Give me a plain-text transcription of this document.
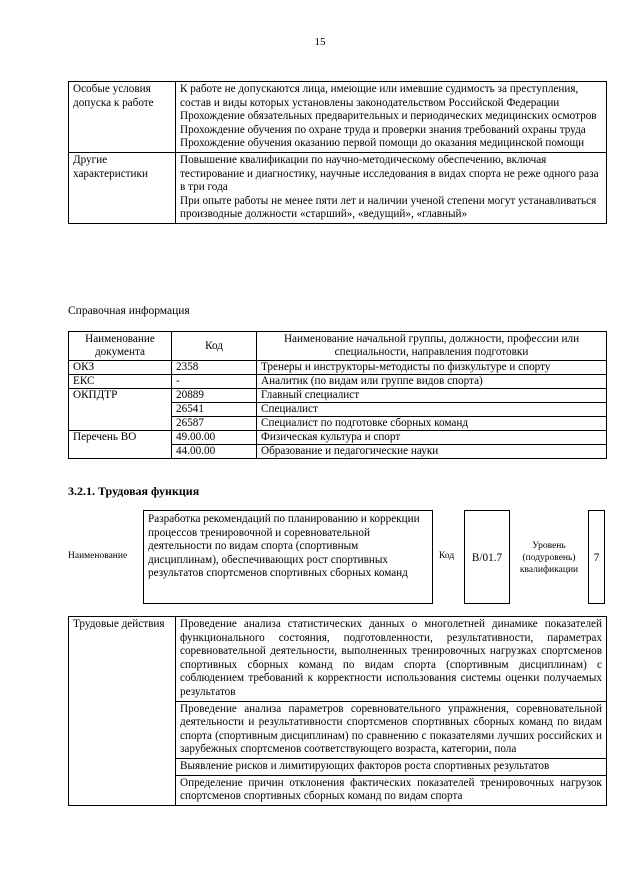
15
Особые условия допуска к работе	К работе не допускаются лица, имеющие или имевшие судимость за преступления, состав и виды которых установлены законодательством Российской Федерации
Прохождение обязательных предварительных и периодических медицинских осмотров
Прохождение обучения по охране труда и проверки знания требований охраны труда
Прохождение обучения оказанию первой помощи до оказания медицинской помощи

Другие характеристики	Повышение квалификации по научно-методическому обеспечению, включая тестирование и диагностику, научные исследования в видах спорта не реже одного раза в три года
При опыте работы не менее пяти лет и наличии ученой степени могут устанавливаться производные должности «старший», «ведущий», «главный»
Справочная информация
Наименование документа	Код	Наименование начальной группы, должности, профессии или специальности, направления подготовки
ОКЗ	2358	Тренеры и инструкторы-методисты по физкультуре и спорту
ЕКС	-	Аналитик (по видам или группе видов спорта)
ОКПДТР	20889	Главный специалист
	26541	Специалист
	26587	Специалист по подготовке сборных команд
Перечень ВО	49.00.00	Физическая культура и спорт
	44.00.00	Образование и педагогические науки
3.2.1. Трудовая функция
Наименование
Разработка рекомендаций по планированию и коррекции процессов тренировочной и соревновательной деятельности по видам спорта (спортивным дисциплинам), обеспечивающих рост спортивных результатов спортсменов спортивных сборных команд
Код	B/01.7
Уровень (подуровень) квалификации
7
Трудовые действия	Проведение анализа статистических данных о многолетней динамике показателей функционального состояния, подготовленности, результативности, параметрах соревновательной деятельности, выполненных тренировочных нагрузках спортсменов спортивных сборных команд по видам спорта (спортивным дисциплинам) с соблюдением требований к корректности использования системы оценки получаемых результатов

Проведение анализа параметров соревновательного упражнения, соревновательной деятельности и результативности спортсменов спортивных сборных команд по видам спорта (спортивным дисциплинам) по сравнению с показателями лучших российских и зарубежных спортсменов соответствующего возраста, категории, пола

Выявление рисков и лимитирующих факторов роста спортивных результатов

Определение причин отклонения фактических показателей тренировочных нагрузок спортсменов спортивных сборных команд по видам спорта
